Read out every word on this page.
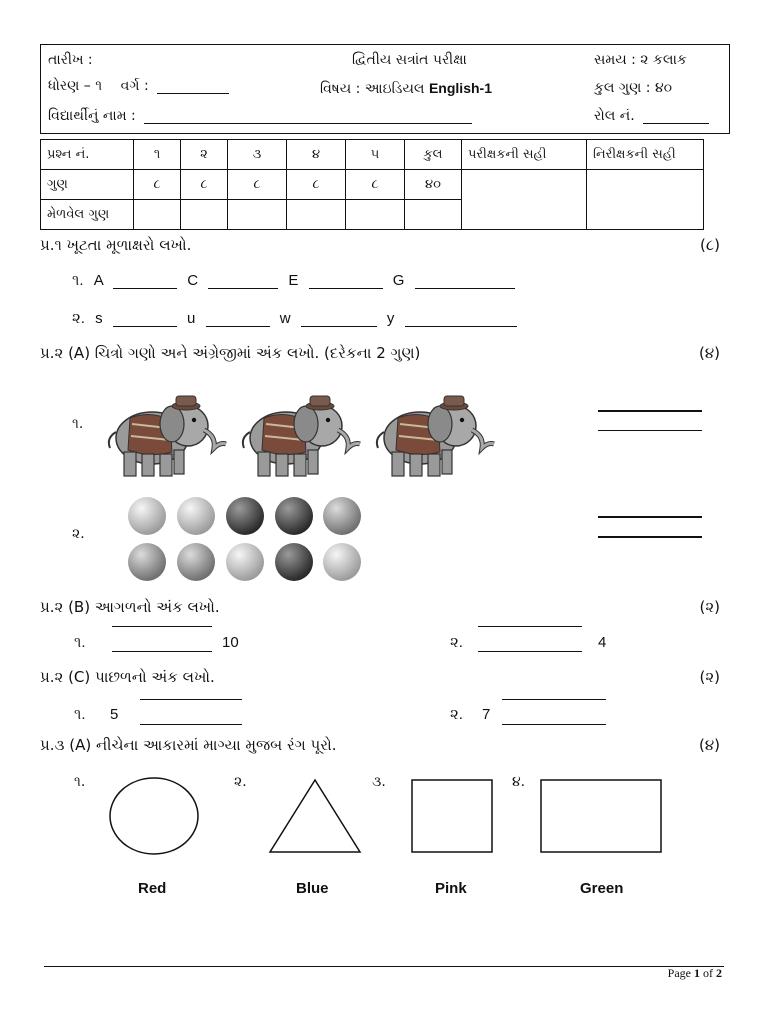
તારીખ :
ધોરણ – ૧ વર્ગ :
વિદ્યાર્થીનું નામ :
દ્વિતીય સત્રાંત પરીક્ષા
વિષય : આઇડિયલ English-1
સમય : ૨ કલાક
કુલ ગુણ : ૪૦
રોલ નં.
પ્રશ્ન નં.	૧	૨	૩	૪	૫	કુલ	પરીક્ષકની સહી	નિરીક્ષકની સહી
ગુણ	૮	૮	૮	૮	૮	૪૦		
મેળવેલ ગુણ								
પ્ર.૧ ખૂટતા મૂળાક્ષરો લખો.	(૮)
૧. A	C	E	G
૨. s	u	w	y
પ્ર.૨ (A) ચિત્રો ગણો અને અંગ્રેજીમાં અંક લખો. (દરેકના 2 ગુણ)	(૪)
૧.
૨.
પ્ર.૨ (B) આગળનો અંક લખો.	(૨)
૧.	10	૨.	4
પ્ર.૨ (C) પાછળનો અંક લખો.	(૨)
૧. 5	૨. 7
પ્ર.૩ (A) નીચેના આકારમાં માગ્યા મુજબ રંગ પૂરો.	(૪)
૧.	૨.	૩.	૪.
Red	Blue	Pink	Green
Page 1 of 2
